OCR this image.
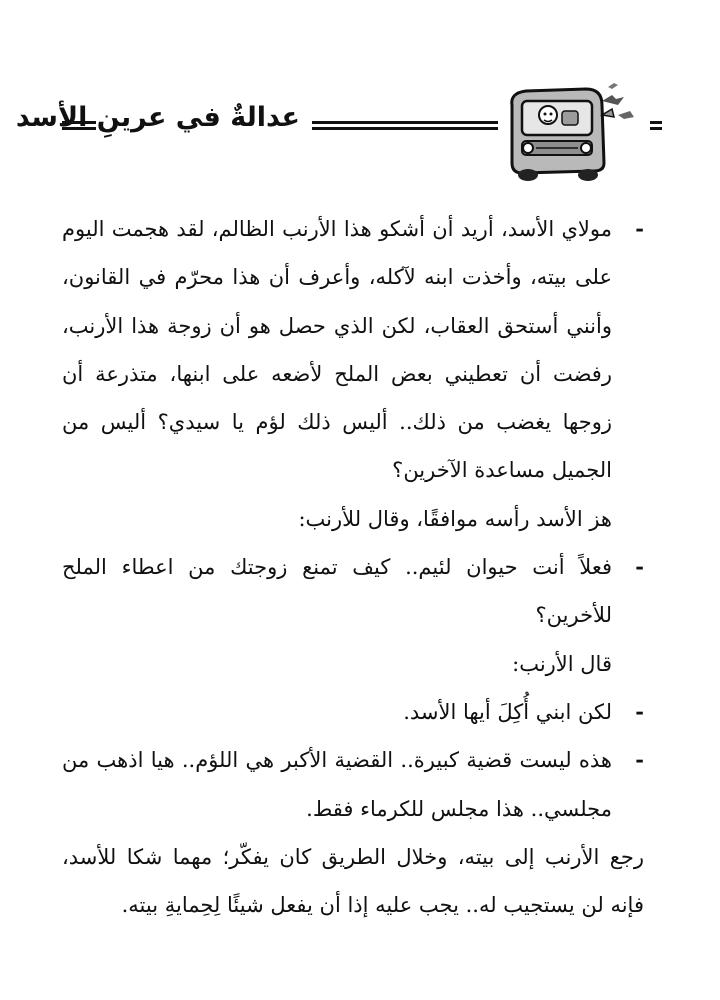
عدالةٌ في عرينِ الأسد

-
مولاي الأسد، أريد أن أشكو هذا الأرنب الظالم، لقد هجمت اليوم على بيته، وأخذت ابنه لآكله، وأعرف أن هذا محرّم في القانون، وأنني أستحق العقاب، لكن الذي حصل هو أن زوجة هذا الأرنب، رفضت أن تعطيني بعض الملح لأضعه على ابنها، متذرعة أن زوجها يغضب من ذلك.. أليس ذلك لؤم يا سيدي؟ أليس من الجميل مساعدة الآخرين؟

هز الأسد رأسه موافقًا، وقال للأرنب:

-
فعلاً أنت حيوان لئيم.. كيف تمنع زوجتك من اعطاء الملح للأخرين؟

قال الأرنب:

-
لكن ابني أُكِلَ أيها الأسد.

-
هذه ليست قضية كبيرة.. القضية الأكبر هي اللؤم.. هيا اذهب من مجلسي.. هذا مجلس للكرماء فقط.

رجع الأرنب إلى بيته، وخلال الطريق كان يفكّر؛ مهما شكا للأسد، فإنه لن يستجيب له.. يجب عليه إذا أن يفعل شيئًا لِحِمايةِ بيته.
